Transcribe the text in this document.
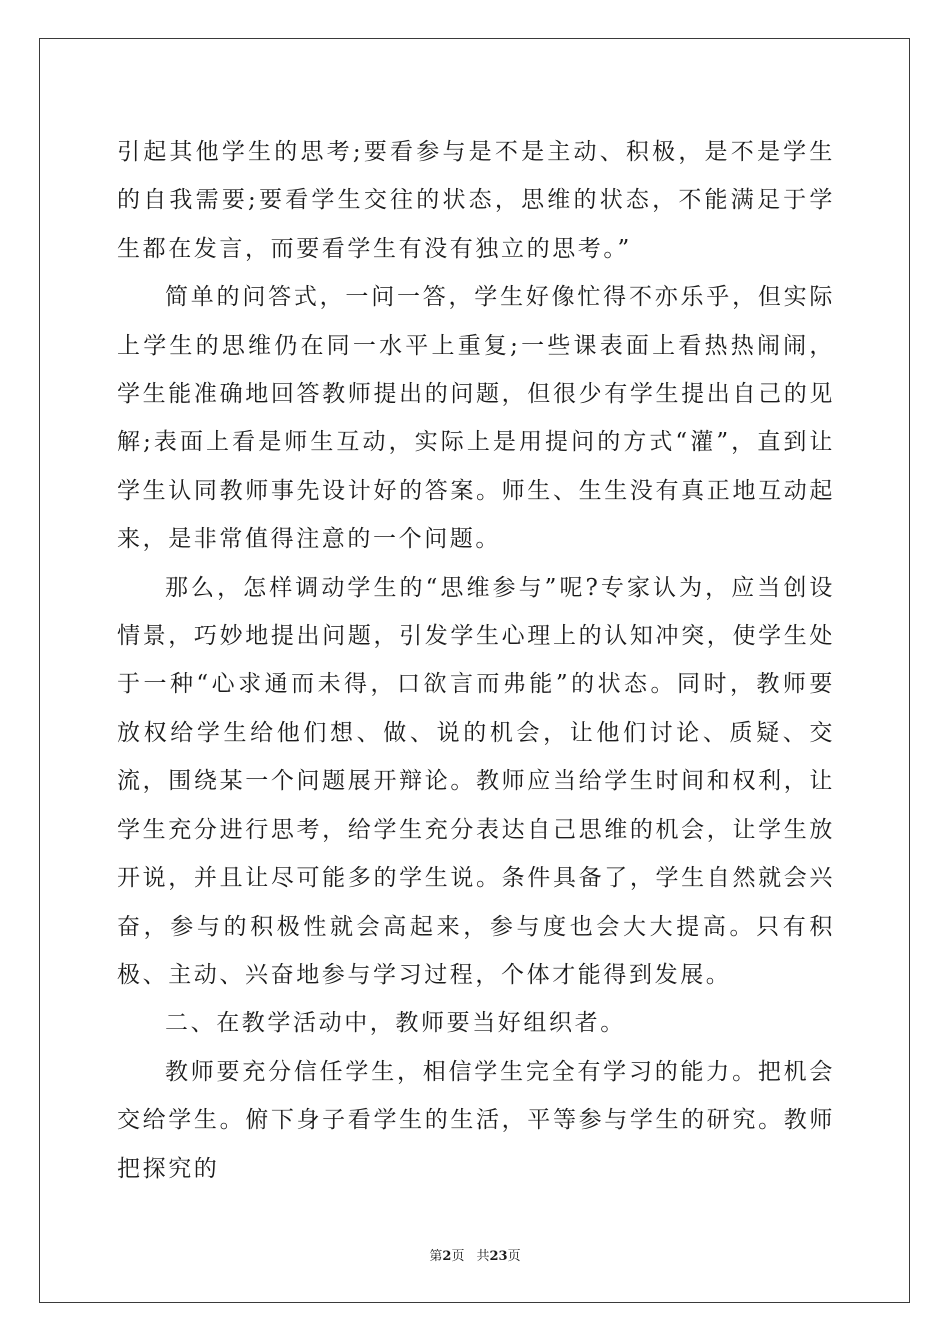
引起其他学生的思考;要看参与是不是主动、积极，是不是学生的自我需要;要看学生交往的状态，思维的状态，不能满足于学生都在发言，而要看学生有没有独立的思考。”

简单的问答式，一问一答，学生好像忙得不亦乐乎，但实际上学生的思维仍在同一水平上重复;一些课表面上看热热闹闹，学生能准确地回答教师提出的问题，但很少有学生提出自己的见解;表面上看是师生互动，实际上是用提问的方式“灌”，直到让学生认同教师事先设计好的答案。师生、生生没有真正地互动起来，是非常值得注意的一个问题。

那么，怎样调动学生的“思维参与”呢?专家认为，应当创设情景，巧妙地提出问题，引发学生心理上的认知冲突，使学生处于一种“心求通而未得，口欲言而弗能”的状态。同时，教师要放权给学生给他们想、做、说的机会，让他们讨论、质疑、交流，围绕某一个问题展开辩论。教师应当给学生时间和权利，让学生充分进行思考，给学生充分表达自己思维的机会，让学生放开说，并且让尽可能多的学生说。条件具备了，学生自然就会兴奋，参与的积极性就会高起来，参与度也会大大提高。只有积极、主动、兴奋地参与学习过程，个体才能得到发展。

二、在教学活动中，教师要当好组织者。

教师要充分信任学生，相信学生完全有学习的能力。把机会交给学生。俯下身子看学生的生活，平等参与学生的研究。教师把探究的

第2页 共23页
